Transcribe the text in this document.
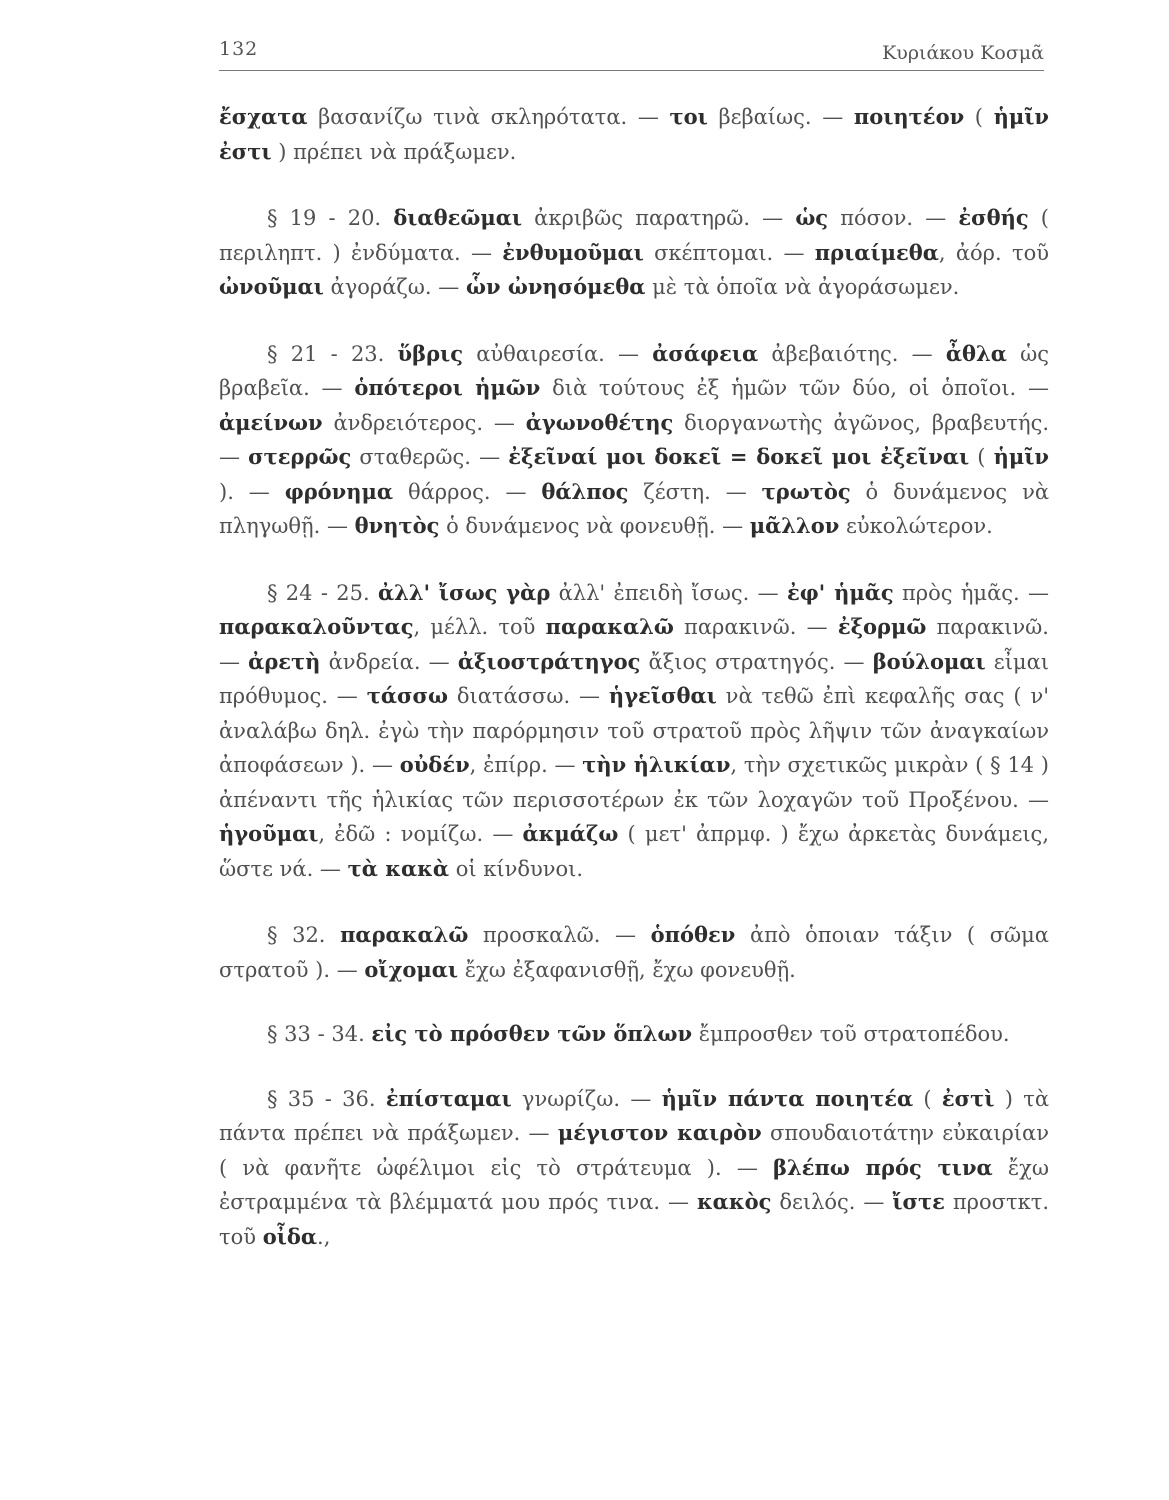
132	Κυριάκου Κοσμᾶ

ἔσχατα βασανίζω τινὰ σκληρότατα. — τοι βεβαίως. — ποιητέον ( ἡμῖν ἐστι ) πρέπει νὰ πράξωμεν.

§ 19 - 20. διαθεῶμαι ἀκριβῶς παρατηρῶ. — ὡς πόσον. — ἐσθής ( περιληπτ. ) ἐνδύματα. — ἐνθυμοῦμαι σκέπτομαι. — πριαίμεθα, ἀόρ. τοῦ ὠνοῦμαι ἀγοράζω. — ὧν ὠνησόμεθα μὲ τὰ ὁποῖα νὰ ἀγοράσωμεν.

§ 21 - 23. ὕβρις αὐθαιρεσία. — ἀσάφεια ἀβεβαιότης. — ἆθλα ὡς βραβεῖα. — ὁπότεροι ἡμῶν διὰ τούτους ἐξ ἡμῶν τῶν δύο, οἱ ὁποῖοι. — ἀμείνων ἀνδρειότερος. — ἀγωνοθέτης διοργανωτὴς ἀγῶνος, βραβευτής. — στερρῶς σταθερῶς. — ἐξεῖναί μοι δοκεῖ = δοκεῖ μοι ἐξεῖναι ( ἡμῖν ). — φρόνημα θάρρος. — θάλπος ζέστη. — τρωτὸς ὁ δυνάμενος νὰ πληγωθῇ. — θνητὸς ὁ δυνάμενος νὰ φονευθῇ. — μᾶλλον εὐκολώτερον.

§ 24 - 25. ἀλλ' ἴσως γὰρ ἀλλ' ἐπειδὴ ἴσως. — ἐφ' ἡμᾶς πρὸς ἡμᾶς. — παρακαλοῦντας, μέλλ. τοῦ παρακαλῶ παρακινῶ. — ἐξορμῶ παρακινῶ. — ἀρετὴ ἀνδρεία. — ἀξιοστράτηγος ἄξιος στρατηγός. — βούλομαι εἶμαι πρόθυμος. — τάσσω διατάσσω. — ἡγεῖσθαι νὰ τεθῶ ἐπὶ κεφαλῆς σας ( ν' ἀναλάβω δηλ. ἐγὼ τὴν παρόρμησιν τοῦ στρατοῦ πρὸς λῆψιν τῶν ἀναγκαίων ἀποφάσεων ). — οὐδέν, ἐπίρρ. — τὴν ἡλικίαν, τὴν σχετικῶς μικρὰν ( § 14 ) ἀπέναντι τῆς ἡλικίας τῶν περισσοτέρων ἐκ τῶν λοχαγῶν τοῦ Προξένου. — ἡγοῦμαι, ἐδῶ : νομίζω. — ἀκμάζω ( μετ' ἀπρμφ. ) ἔχω ἀρκετὰς δυνάμεις, ὥστε νά. — τὰ κακὰ οἱ κίνδυνοι.

§ 32. παρακαλῶ προσκαλῶ. — ὁπόθεν ἀπὸ ὁποιαν τάξιν ( σῶμα στρατοῦ ). — οἴχομαι ἔχω ἐξαφανισθῇ, ἔχω φονευθῇ.

§ 33 - 34. εἰς τὸ πρόσθεν τῶν ὅπλων ἔμπροσθεν τοῦ στρατοπέδου.

§ 35 - 36. ἐπίσταμαι γνωρίζω. — ἡμῖν πάντα ποιητέα ( ἐστὶ ) τὰ πάντα πρέπει νὰ πράξωμεν. — μέγιστον καιρὸν σπουδαιοτάτην εὐκαιρίαν ( νὰ φανῆτε ὠφέλιμοι εἰς τὸ στράτευμα ). — βλέπω πρός τινα ἔχω ἐστραμμένα τὰ βλέμματά μου πρός τινα. — κακὸς δειλός. — ἴστε προστκτ. τοῦ οἶδα.,
